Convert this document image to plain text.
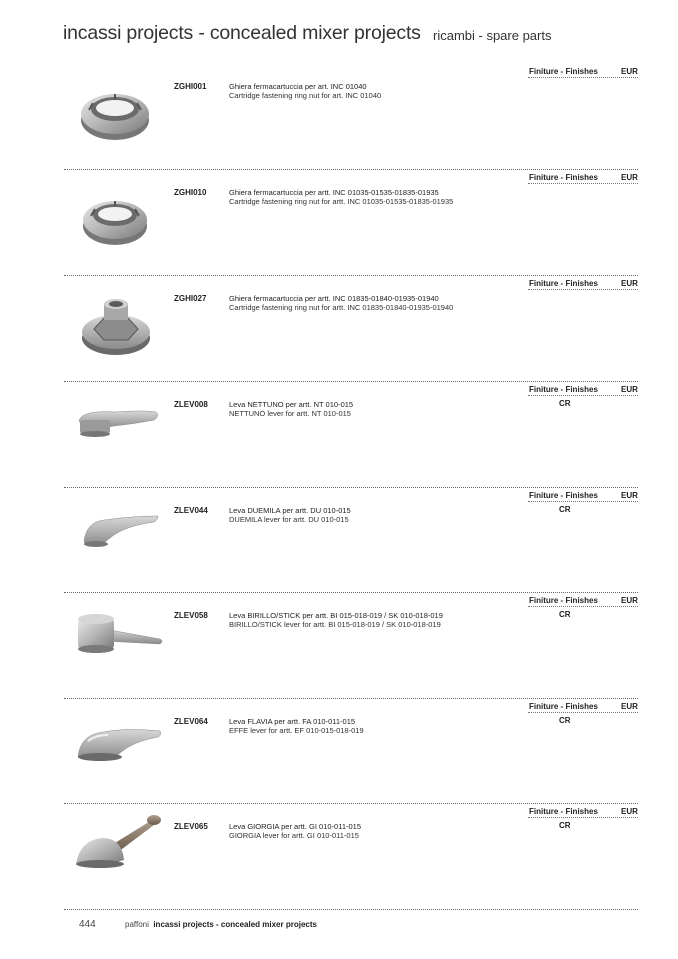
incassi projects - concealed mixer projects ricambi - spare parts
ZGHI001	Ghiera fermacartuccia per art. INC 01040
Cartridge fastening ring nut for art. INC 01040
Finiture - Finishes	EUR
ZGHI010	Ghiera fermacartuccia per artt. INC 01035-01535-01835-01935
Cartridge fastening ring nut for artt. INC 01035-01535-01835-01935
Finiture - Finishes	EUR
ZGHI027	Ghiera fermacartuccia per artt. INC 01835-01840-01935-01940
Cartridge fastening ring nut for artt. INC 01835-01840-01935-01940
Finiture - Finishes	EUR
ZLEV008	Leva NETTUNO per artt. NT 010-015
NETTUNO lever for artt. NT 010-015
Finiture - Finishes	EUR
CR
ZLEV044	Leva DUEMILA per artt. DU 010-015
DUEMILA lever for artt. DU 010-015
Finiture - Finishes	EUR
CR
ZLEV058	Leva BIRILLO/STICK per artt. BI 015-018-019 / SK 010-018-019
BIRILLO/STICK lever for artt. BI 015-018-019 / SK 010-018-019
Finiture - Finishes	EUR
CR
ZLEV064	Leva FLAVIA per artt. FA 010-011-015
EFFE lever for artt. EF 010-015-018-019
Finiture - Finishes	EUR
CR
ZLEV065	Leva GIORGIA per artt. GI 010-011-015
GIORGIA lever for artt. GI 010-011-015
Finiture - Finishes	EUR
CR
444	paffoni incassi projects - concealed mixer projects
